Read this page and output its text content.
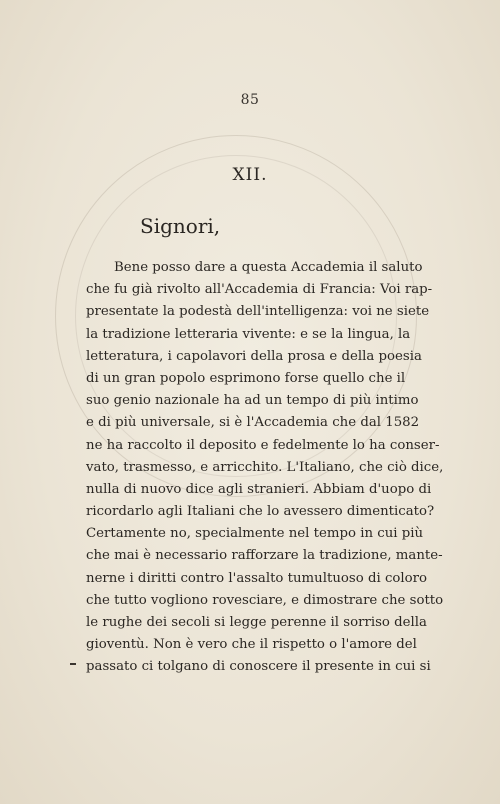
85
XII.
Signori,
Bene posso dare a questa Accademia il saluto
che fu già rivolto all'Accademia di Francia: Voi rap-
presentate la podestà dell'intelligenza: voi ne siete
la tradizione letteraria vivente: e se la lingua, la
letteratura, i capolavori della prosa e della poesia
di un gran popolo esprimono forse quello che il
suo genio nazionale ha ad un tempo di più intimo
e di più universale, si è l'Accademia che dal 1582
ne ha raccolto il deposito e fedelmente lo ha conser-
vato, trasmesso, e arricchito. L'Italiano, che ciò dice,
nulla di nuovo dice agli stranieri. Abbiam d'uopo di
ricordarlo agli Italiani che lo avessero dimenticato?
Certamente no, specialmente nel tempo in cui più
che mai è necessario rafforzare la tradizione, mante-
nerne i diritti contro l'assalto tumultuoso di coloro
che tutto vogliono rovesciare, e dimostrare che sotto
le rughe dei secoli si legge perenne il sorriso della
gioventù. Non è vero che il rispetto o l'amore del
passato ci tolgano di conoscere il presente in cui si
